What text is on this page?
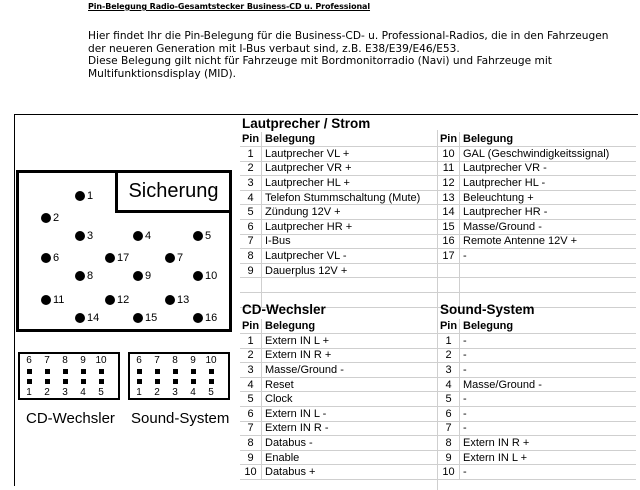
Pin-Belegung Radio-Gesamtstecker Business-CD u. Professional

Hier findet Ihr die Pin-Belegung für die Business-CD- u. Professional-Radios, die in den Fahrzeugen der neueren Generation mit I-Bus verbaut sind, z.B. E38/E39/E46/E53.

Diese Belegung gilt nicht für Fahrzeuge mit Bordmonitorradio (Navi) und Fahrzeuge mit Multifunktionsdisplay (MID).

Sicherung
1
2
3	4	5
6	7
8	9	10
11	12	13
14	15	16
17
6	7	8	9 10
1	2	3	4	5
CD-Wechsler
6	7	8	9 10
1	2	3	4	5
Sound-System
Lautprecher / Strom
Pin Belegung	Pin Belegung
1	Lautprecher VL +
2	Lautprecher VR +
3	Lautprecher HL +
4	Telefon Stummschaltung (Mute)
5	Zündung 12V +
6	Lautprecher HR +
7	I-Bus
8	Lautprecher VL -
9	Dauerplus 12V +
10 GAL (Geschwindigkeitssignal)
11 Lautprecher VR -
12 Lautprecher HL -
13 Beleuchtung +
14 Lautprecher HR -
15 Masse/Ground -
16 Remote Antenne 12V +
17 -
CD-Wechsler	Sound-System
Pin Belegung	Pin Belegung
1	Extern IN L +
2	Extern IN R +
3	Masse/Ground -
4	Reset
5	Clock
6	Extern IN L -
7	Extern IN R -
8	Databus -
9	Enable
10 Databus +
1	-
2	-
3	-
4	Masse/Ground -
5	-
6	-
7	-
8	Extern IN R +
9	Extern IN L +
10 -
